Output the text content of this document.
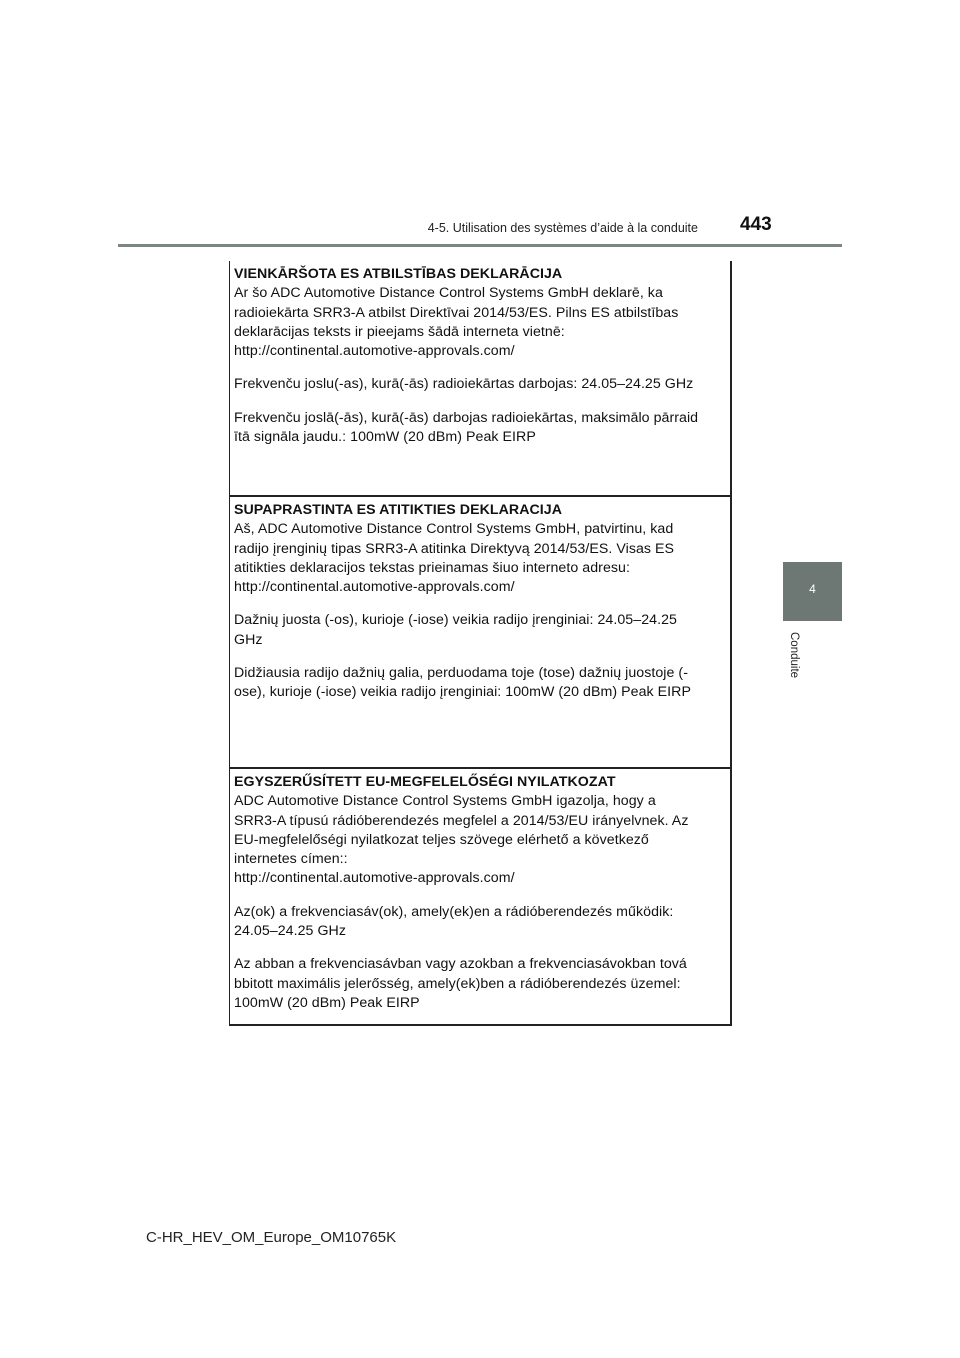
4-5. Utilisation des systèmes d’aide à la conduite 443
4
Conduite
VIENKĀRŠOTA ES ATBILSTĪBAS DEKLARĀCIJA
Ar šo ADC Automotive Distance Control Systems GmbH deklarē, ka
radioiekārta SRR3-A atbilst Direktīvai 2014/53/ES. Pilns ES atbilstības
deklarācijas teksts ir pieejams šādā interneta vietnē:
http://continental.automotive-approvals.com/
Frekvenču joslu(-as), kurā(-ās) radioiekārtas darbojas: 24.05–24.25 GHz
Frekvenču joslā(-ās), kurā(-ās) darbojas radioiekārtas, maksimālo pārraid
ītā signāla jaudu.: 100mW (20 dBm) Peak EIRP
SUPAPRASTINTA ES ATITIKTIES DEKLARACIJA
Aš, ADC Automotive Distance Control Systems GmbH, patvirtinu, kad
radijo įrenginių tipas SRR3-A atitinka Direktyvą 2014/53/ES. Visas ES
atitikties deklaracijos tekstas prieinamas šiuo interneto adresu:
http://continental.automotive-approvals.com/
Dažnių juosta (-os), kurioje (-iose) veikia radijo įrenginiai: 24.05–24.25
GHz
Didžiausia radijo dažnių galia, perduodama toje (tose) dažnių juostoje (-
ose), kurioje (-iose) veikia radijo įrenginiai: 100mW (20 dBm) Peak EIRP
EGYSZERŰSÍTETT EU-MEGFELELŐSÉGI NYILATKOZAT
ADC Automotive Distance Control Systems GmbH igazolja, hogy a
SRR3-A típusú rádióberendezés megfelel a 2014/53/EU irányelvnek. Az
EU-megfelelőségi nyilatkozat teljes szövege elérhető a következő
internetes címen::
http://continental.automotive-approvals.com/
Az(ok) a frekvenciasáv(ok), amely(ek)en a rádióberendezés működik:
24.05–24.25 GHz
Az abban a frekvenciasávban vagy azokban a frekvenciasávokban tová
bbitott maximális jelerősség, amely(ek)ben a rádióberendezés üzemel:
100mW (20 dBm) Peak EIRP
C-HR_HEV_OM_Europe_OM10765K
